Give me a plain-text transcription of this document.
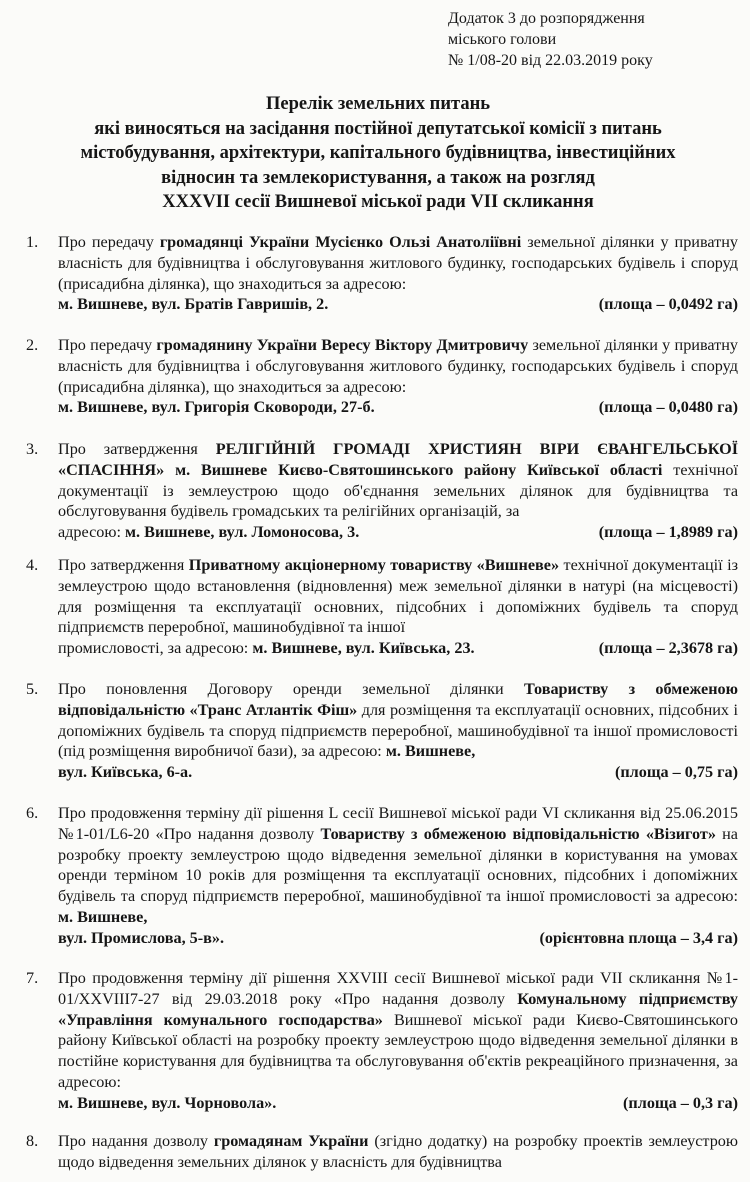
Додаток 3 до розпорядження
міського голови
№ 1/08-20 від 22.03.2019 року
Перелік земельних питань
які виносяться на засідання постійної депутатської комісії з питань
містобудування, архітектури, капітального будівництва, інвестиційних
відносин та землекористування, а також на розгляд
XXXVII сесії Вишневої міської ради VII скликання
1.	Про передачу громадянці України Мусієнко Ользі Анатоліївні земельної ділянки у приватну власність для будівництва і обслуговування житлового будинку, господарських будівель і споруд (присадибна ділянка), що знаходиться за адресою:
м. Вишневе, вул. Братів Гавришів, 2.	(площа – 0,0492 га)
2.	Про передачу громадянину України Вересу Віктору Дмитровичу земельної ділянки у приватну власність для будівництва і обслуговування житлового будинку, господарських будівель і споруд (присадибна ділянка), що знаходиться за адресою:
м. Вишневе, вул. Григорія Сковороди, 27-б.	(площа – 0,0480 га)
3.	Про затвердження РЕЛІГІЙНІЙ ГРОМАДІ ХРИСТИЯН ВІРИ ЄВАНГЕЛЬСЬКОЇ «СПАСІННЯ» м. Вишневе Києво-Святошинського району Київської області технічної документації із землеустрою щодо об'єднання земельних ділянок для будівництва та обслуговування будівель громадських та релігійних організацій, за
адресою: м. Вишневе, вул. Ломоносова, 3.	(площа – 1,8989 га)
4.	Про затвердження Приватному акціонерному товариству «Вишневе» технічної документації із землеустрою щодо встановлення (відновлення) меж земельної ділянки в натурі (на місцевості) для розміщення та експлуатації основних, підсобних і допоміжних будівель та споруд підприємств переробної, машинобудівної та іншої
промисловості, за адресою: м. Вишневе, вул. Київська, 23.	(площа – 2,3678 га)
5.	Про поновлення Договору оренди земельної ділянки Товариству з обмеженою відповідальністю «Транс Атлантік Фіш» для розміщення та експлуатації основних, підсобних і допоміжних будівель та споруд підприємств переробної, машинобудівної та іншої промисловості (під розміщення виробничої бази), за адресою: м. Вишневе,
вул. Київська, 6-а.	(площа – 0,75 га)
6.	Про продовження терміну дії рішення L сесії Вишневої міської ради VI скликання від 25.06.2015 №1-01/L6-20 «Про надання дозволу Товариству з обмеженою відповідальністю «Візигот» на розробку проекту землеустрою щодо відведення земельної ділянки в користування на умовах оренди терміном 10 років для розміщення та експлуатації основних, підсобних і допоміжних будівель та споруд підприємств переробної, машинобудівної та іншої промисловості за адресою: м. Вишневе,
вул. Промислова, 5-в».	(орієнтовна площа – 3,4 га)
7.	Про продовження терміну дії рішення XXVIII сесії Вишневої міської ради VII скликання №1-01/XXVIII7-27 від 29.03.2018 року «Про надання дозволу Комунальному підприємству «Управління комунального господарства» Вишневої міської ради Києво-Святошинського району Київської області на розробку проекту землеустрою щодо відведення земельної ділянки в постійне користування для будівництва та обслуговування об'єктів рекреаційного призначення, за адресою:
м. Вишневе, вул. Чорновола».	(площа – 0,3 га)
8.	Про надання дозволу громадянам України (згідно додатку) на розробку проектів землеустрою щодо відведення земельних ділянок у власність для будівництва
